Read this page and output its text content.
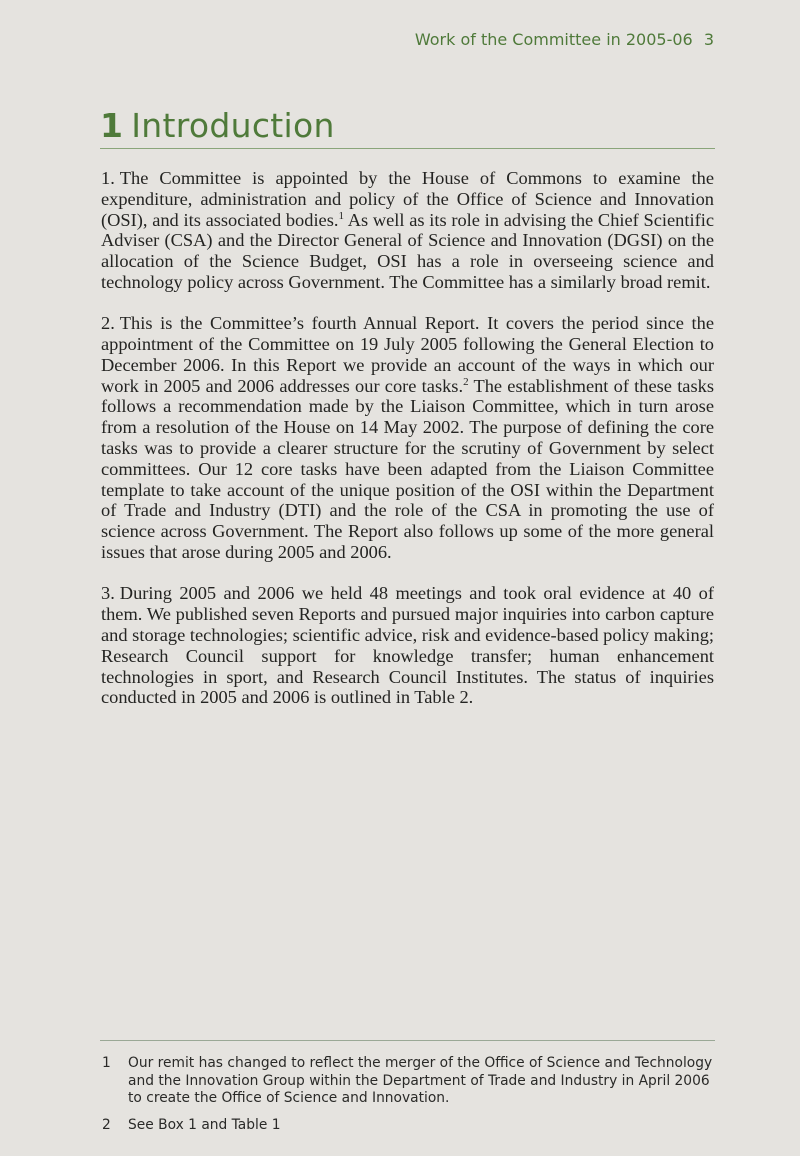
Work of the Committee in 2005-06 3
1 Introduction

1. The Committee is appointed by the House of Commons to examine the expenditure, administration and policy of the Office of Science and Innovation (OSI), and its associated bodies.$^1$ As well as its role in advising the Chief Scientific Adviser (CSA) and the Director General of Science and Innovation (DGSI) on the allocation of the Science Budget, OSI has a role in overseeing science and technology policy across Government. The Committee has a similarly broad remit.

2. This is the Committee’s fourth Annual Report. It covers the period since the appointment of the Committee on 19 July 2005 following the General Election to December 2006. In this Report we provide an account of the ways in which our work in 2005 and 2006 addresses our core tasks.$^2$ The establishment of these tasks follows a recommendation made by the Liaison Committee, which in turn arose from a resolution of the House on 14 May 2002. The purpose of defining the core tasks was to provide a clearer structure for the scrutiny of Government by select committees. Our 12 core tasks have been adapted from the Liaison Committee template to take account of the unique position of the OSI within the Department of Trade and Industry (DTI) and the role of the CSA in promoting the use of science across Government. The Report also follows up some of the more general issues that arose during 2005 and 2006.

3. During 2005 and 2006 we held 48 meetings and took oral evidence at 40 of them. We published seven Reports and pursued major inquiries into carbon capture and storage technologies; scientific advice, risk and evidence-based policy making; Research Council support for knowledge transfer; human enhancement technologies in sport, and Research Council Institutes. The status of inquiries conducted in 2005 and 2006 is outlined in Table 2.

1	Our remit has changed to reflect the merger of the Office of Science and Technology and the Innovation Group within the Department of Trade and Industry in April 2006 to create the Office of Science and Innovation.
2	See Box 1 and Table 1
